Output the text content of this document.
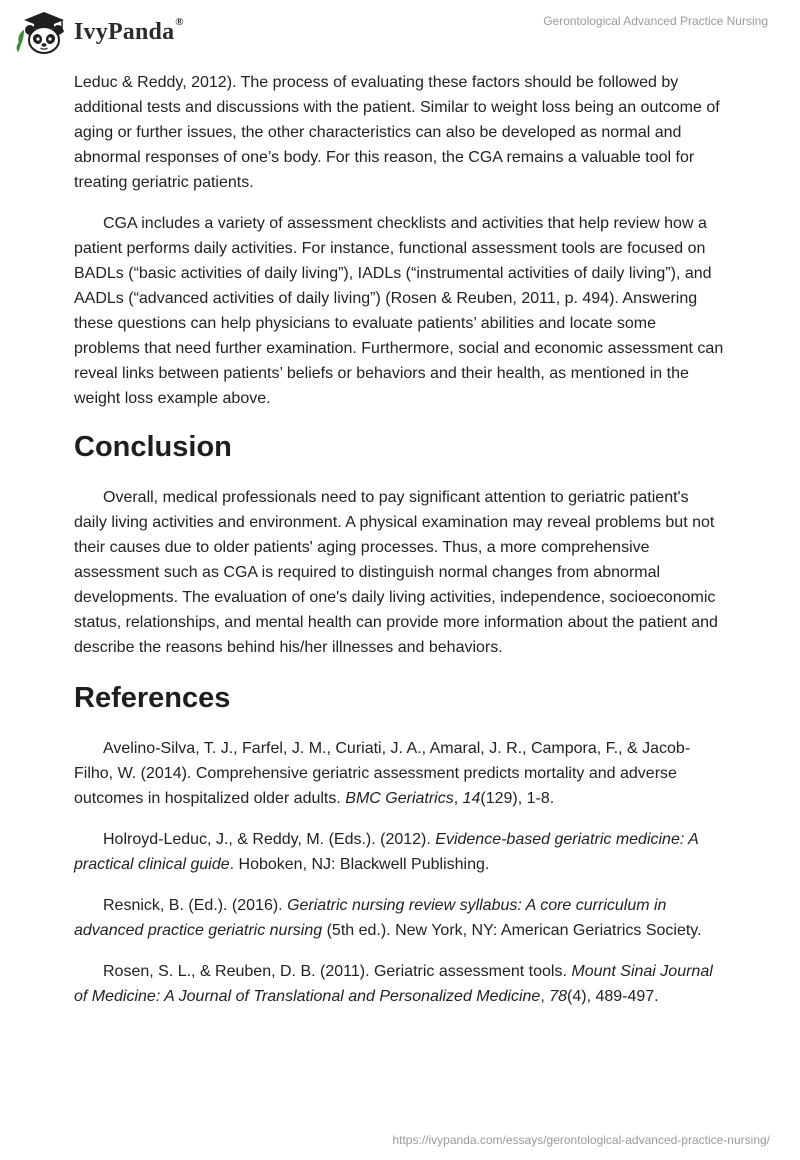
IvyPanda®	Gerontological Advanced Practice Nursing

Leduc & Reddy, 2012). The process of evaluating these factors should be followed by additional tests and discussions with the patient. Similar to weight loss being an outcome of aging or further issues, the other characteristics can also be developed as normal and abnormal responses of one’s body. For this reason, the CGA remains a valuable tool for treating geriatric patients.

CGA includes a variety of assessment checklists and activities that help review how a patient performs daily activities. For instance, functional assessment tools are focused on BADLs (“basic activities of daily living”), IADLs (“instrumental activities of daily living”), and AADLs (“advanced activities of daily living”) (Rosen & Reuben, 2011, p. 494). Answering these questions can help physicians to evaluate patients’ abilities and locate some problems that need further examination. Furthermore, social and economic assessment can reveal links between patients’ beliefs or behaviors and their health, as mentioned in the weight loss example above.

Conclusion

Overall, medical professionals need to pay significant attention to geriatric patient's daily living activities and environment. A physical examination may reveal problems but not their causes due to older patients' aging processes. Thus, a more comprehensive assessment such as CGA is required to distinguish normal changes from abnormal developments. The evaluation of one's daily living activities, independence, socioeconomic status, relationships, and mental health can provide more information about the patient and describe the reasons behind his/her illnesses and behaviors.

References

Avelino-Silva, T. J., Farfel, J. M., Curiati, J. A., Amaral, J. R., Campora, F., & Jacob-Filho, W. (2014). Comprehensive geriatric assessment predicts mortality and adverse outcomes in hospitalized older adults. BMC Geriatrics, 14(129), 1-8.

Holroyd-Leduc, J., & Reddy, M. (Eds.). (2012). Evidence-based geriatric medicine: A practical clinical guide. Hoboken, NJ: Blackwell Publishing.

Resnick, B. (Ed.). (2016). Geriatric nursing review syllabus: A core curriculum in advanced practice geriatric nursing (5th ed.). New York, NY: American Geriatrics Society.

Rosen, S. L., & Reuben, D. B. (2011). Geriatric assessment tools. Mount Sinai Journal of Medicine: A Journal of Translational and Personalized Medicine, 78(4), 489-497.

https://ivypanda.com/essays/gerontological-advanced-practice-nursing/
